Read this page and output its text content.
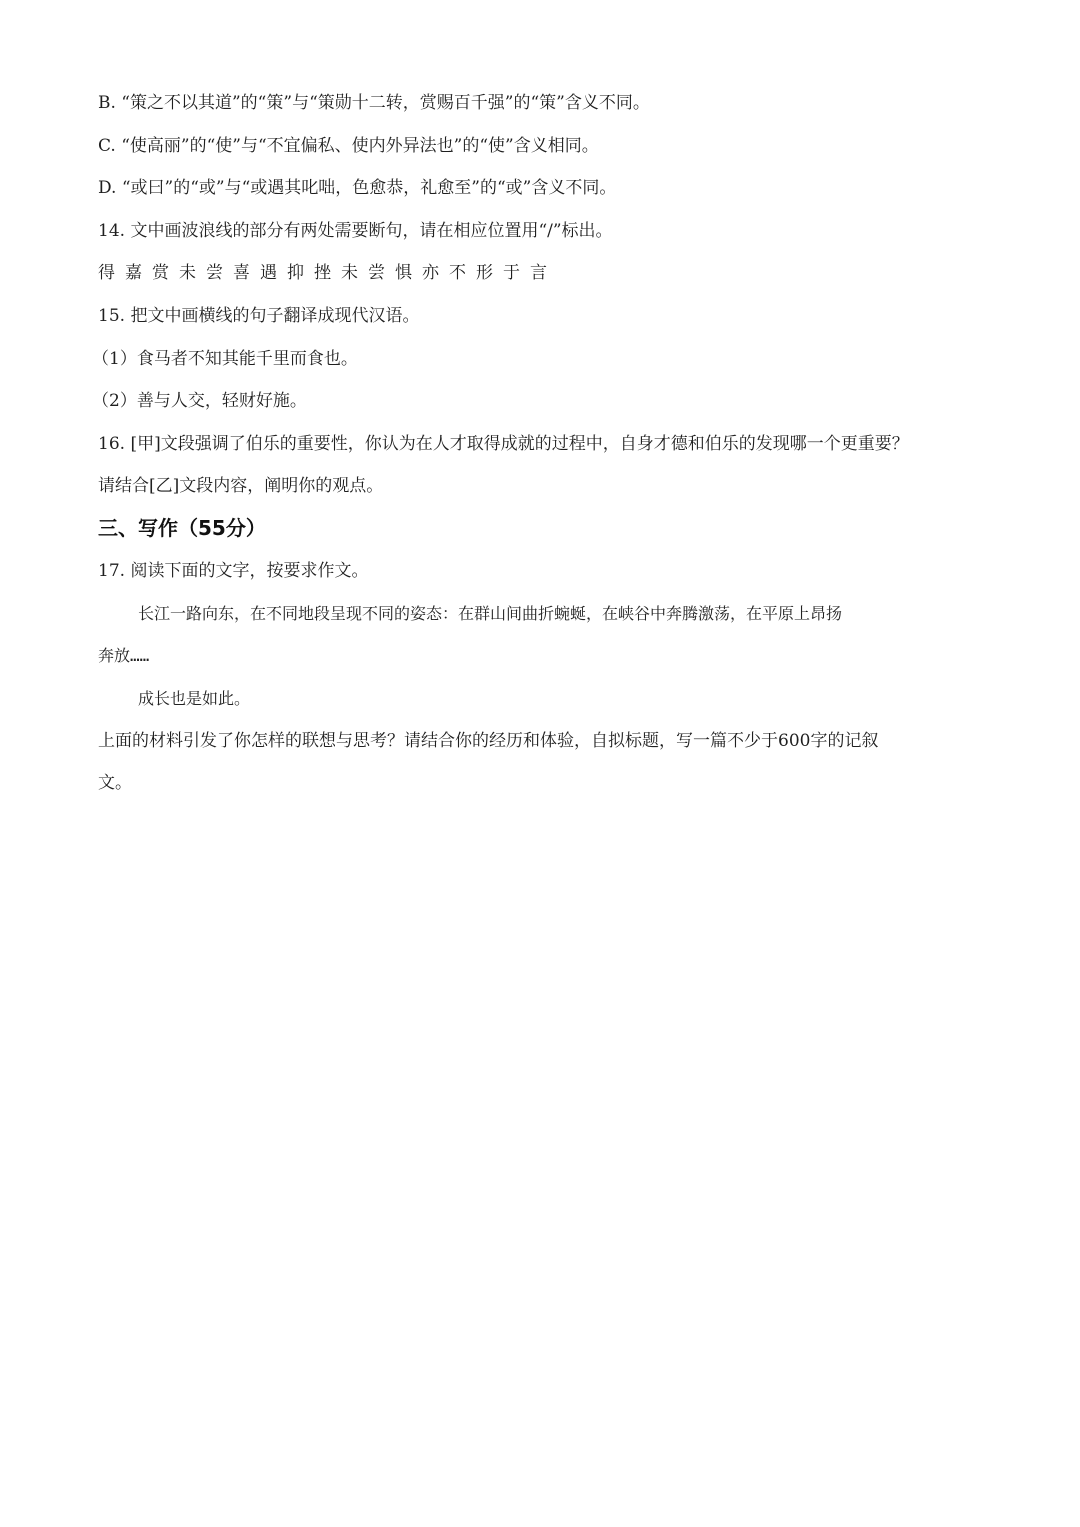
B. “策之不以其道”的“策”与“策勋十二转，赏赐百千强”的“策”含义不同。
C. “使高丽”的“使”与“不宜偏私、使内外异法也”的“使”含义相同。
D. “或曰”的“或”与“或遇其叱咄，色愈恭，礼愈至”的“或”含义不同。
14. 文中画波浪线的部分有两处需要断句，请在相应位置用“/”标出。
得嘉赏未尝喜遇抑挫未尝惧亦不形于言
15. 把文中画横线的句子翻译成现代汉语。
（1）食马者不知其能千里而食也。
（2）善与人交，轻财好施。
16. [甲]文段强调了伯乐的重要性，你认为在人才取得成就的过程中，自身才德和伯乐的发现哪一个更重要？
请结合[乙]文段内容，阐明你的观点。
三、写作（55分）
17. 阅读下面的文字，按要求作文。
长江一路向东，在不同地段呈现不同的姿态：在群山间曲折蜿蜒，在峡谷中奔腾激荡，在平原上昂扬
奔放……
成长也是如此。
上面的材料引发了你怎样的联想与思考？请结合你的经历和体验，自拟标题，写一篇不少于600字的记叙
文。
